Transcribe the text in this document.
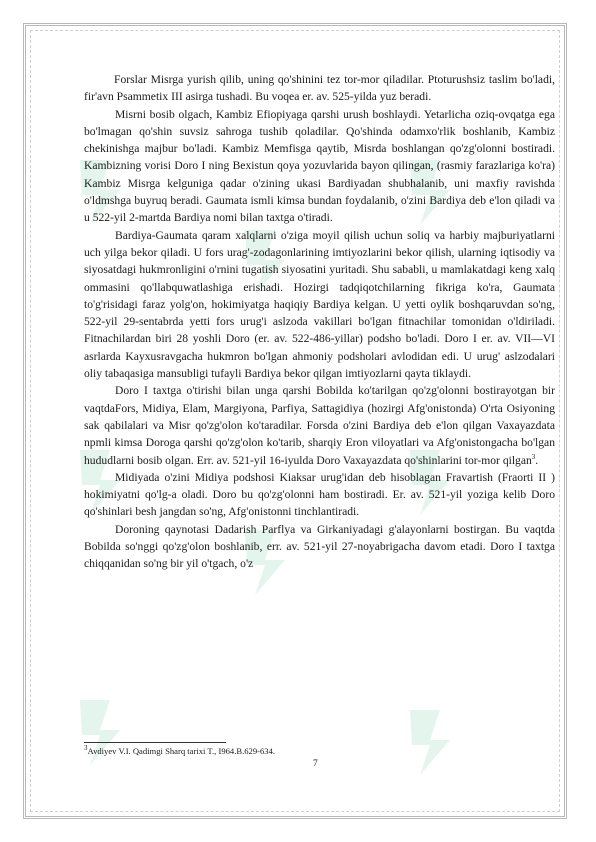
Forslar Misrga yurish qilib, uning qo'shinini tez tor-mor qiladilar. Ptoturushsiz taslim bo'ladi, fir'avn Psammetix III asirga tushadi. Bu voqea er. av. 525-yilda yuz beradi.

Misrni bosib olgach, Kambiz Efiopiyaga qarshi urush boshlaydi. Yetarlicha oziq-ovqatga ega bo'lmagan qo'shin suvsiz sahroga tushib qoladilar. Qo'shinda odamxo'rlik boshlanib, Kambiz chekinishga majbur bo'ladi. Kambiz Memfisga qaytib, Misrda boshlangan qo'zg'olonni bostiradi. Kambizning vorisi Doro I ning Bexistun qoya yozuvlarida bayon qilingan, (rasmiy farazlariga ko'ra) Kambiz Misrga kelguniga qadar o'zining ukasi Bardiyadan shubhalanib, uni maxfiy ravishda o'ldmshga buyruq beradi. Gaumata ismli kimsa bundan foydalanib, o'zini Bardiya deb e'lon qiladi va u 522-yil 2-martda Bardiya nomi bilan taxtga o'tiradi.

Bardiya-Gaumata qaram xalqlarni o'ziga moyil qilish uchun soliq va harbiy majburiyatlarni uch yilga bekor qiladi. U fors urag'-zodagonlarining imtiyozlarini bekor qilish, ularning iqtisodiy va siyosatdagi hukmronligini o'rnini tugatish siyosatini yuritadi. Shu sababli, u mamlakatdagi keng xalq ommasini qo'llabquwatlashiga erishadi. Hozirgi tadqiqotchilarning fikriga ko'ra, Gaumata to'g'risidagi faraz yolg'on, hokimiyatga haqiqiy Bardiya kelgan. U yetti oylik boshqaruvdan so'ng, 522-yil 29-sentabrda yetti fors urug'i aslzoda vakillari bo'lgan fitnachilar tomonidan o'ldiriladi. Fitnachilardan biri 28 yoshli Doro (er. av. 522-486-yillar) podsho bo'ladi. Doro I er. av. VII—VI asrlarda Kayxusravgacha hukmron bo'lgan ahmoniy podsholari avlodidan edi. U urug' aslzodalari oliy tabaqasiga mansubligi tufayli Bardiya bekor qilgan imtiyozlarni qayta tiklaydi.

Doro I taxtga o'tirishi bilan unga qarshi Bobilda ko'tarilgan qo'zg'olonni bostirayotgan bir vaqtdaFors, Midiya, Elam, Margiyona, Parfiya, Sattagidiya (hozirgi Afg'onistonda) O'rta Osiyoning sak qabilalari va Misr qo'zg'olon ko'taradilar. Forsda o'zini Bardiya deb e'lon qilgan Vaxayazdata npmli kimsa Doroga qarshi qo'zg'olon ko'tarib, sharqiy Eron viloyatlari va Afg'onistongacha bo'lgan hududlarni bosib olgan. Err. av. 521-yil 16-iyulda Doro Vaxayazdata qo'shinlarini tor-mor qilgan$^3$.

Midiyada o'zini Midiya podshosi Kiaksar urug'idan deb hisoblagan Fravartish (Fraorti II ) hokimiyatni qo'lg-a oladi. Doro bu qo'zg'olonni ham bostiradi. Er. av. 521-yil yoziga kelib Doro qo'shinlari besh jangdan so'ng, Afg'onistonni tinchlantiradi.

Doroning qaynotasi Dadarish Parflya va Girkaniyadagi g'alayonlarni bostirgan. Bu vaqtda Bobilda so'nggi qo'zg'olon boshlanib, err. av. 521-yil 27-noyabrigacha davom etadi. Doro I taxtga chiqqanidan so'ng bir yil o'tgach, o'z

$^3$Avdiyev V.I. Qadimgi Sharq tarixi T., I964.B.629-634.
7
